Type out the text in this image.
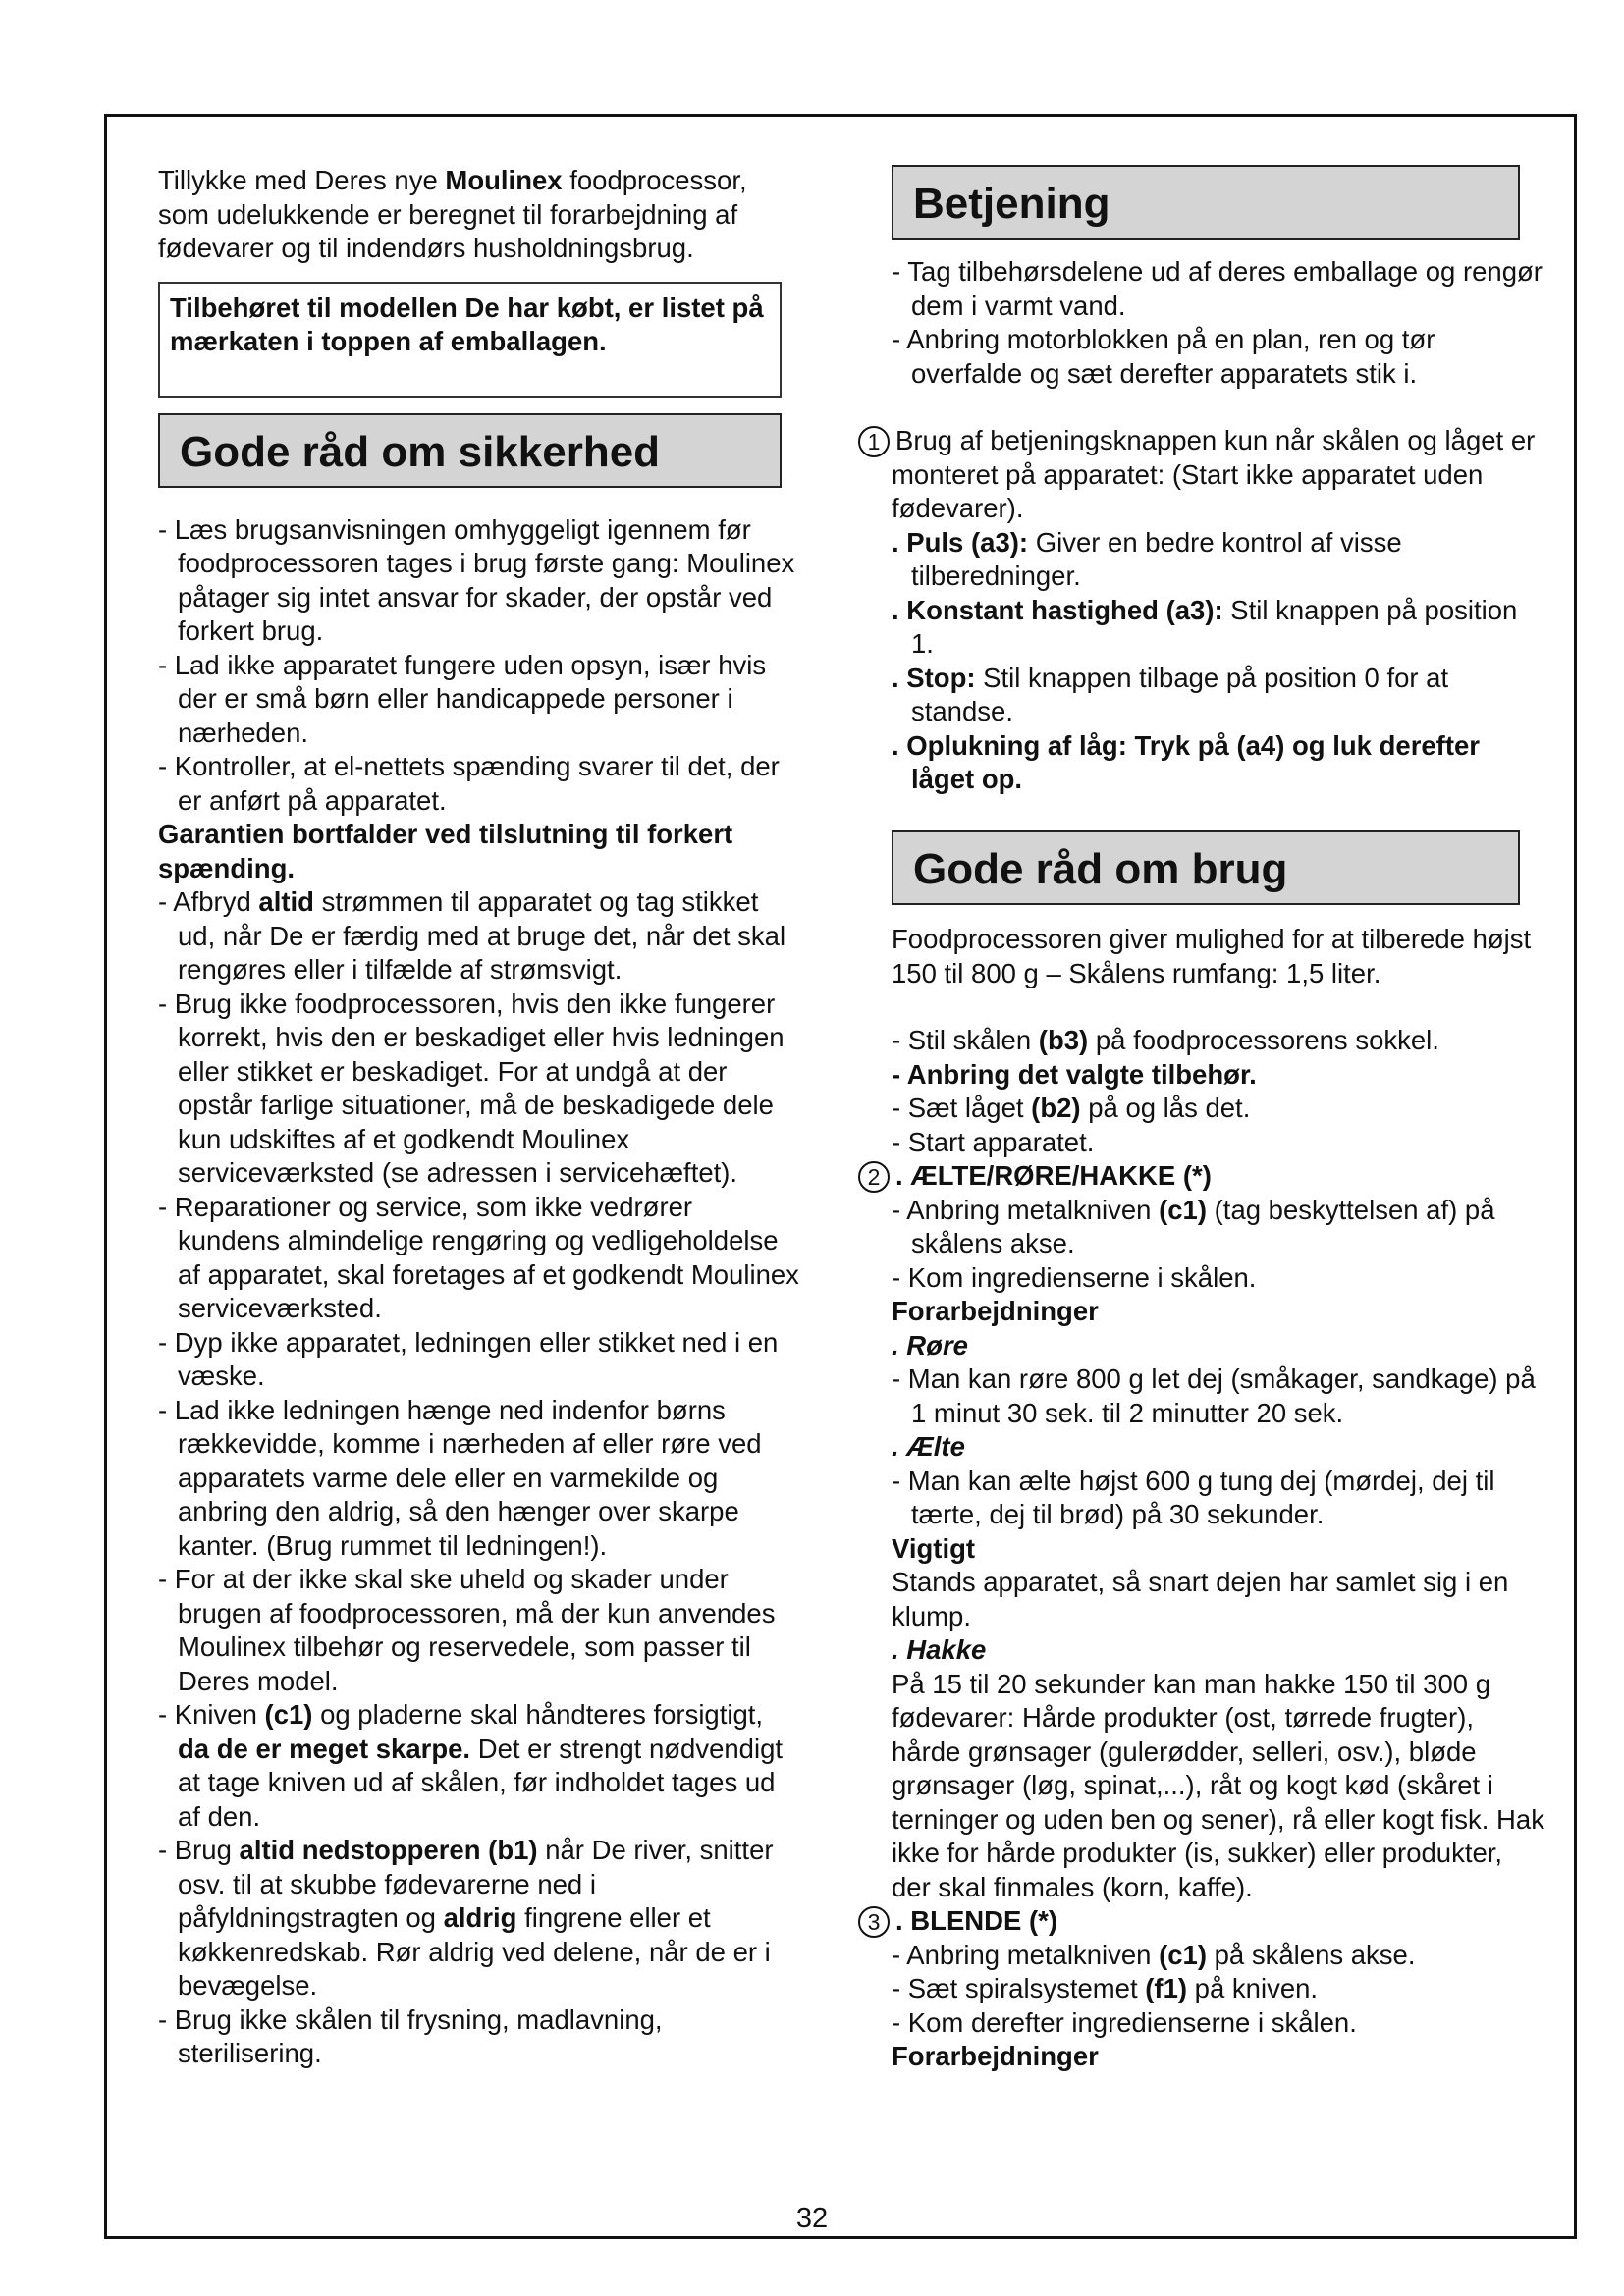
Tillykke med Deres nye Moulinex foodprocessor, som udelukkende er beregnet til forarbejdning af fødevarer og til indendørs husholdningsbrug.

Tilbehøret til modellen De har købt, er listet på mærkaten i toppen af emballagen.
Gode råd om sikkerhed

- Læs brugsanvisningen omhyggeligt igennem før foodprocessoren tages i brug første gang: Moulinex påtager sig intet ansvar for skader, der opstår ved forkert brug.

- Lad ikke apparatet fungere uden opsyn, især hvis der er små børn eller handicappede personer i nærheden.

- Kontroller, at el-nettets spænding svarer til det, der er anført på apparatet.

Garantien bortfalder ved tilslutning til forkert spænding.

- Afbryd altid strømmen til apparatet og tag stikket ud, når De er færdig med at bruge det, når det skal rengøres eller i tilfælde af strømsvigt.

- Brug ikke foodprocessoren, hvis den ikke fungerer korrekt, hvis den er beskadiget eller hvis ledningen eller stikket er beskadiget. For at undgå at der opstår farlige situationer, må de beskadigede dele kun udskiftes af et godkendt Moulinex serviceværksted (se adressen i servicehæftet).

- Reparationer og service, som ikke vedrører kundens almindelige rengøring og vedligeholdelse af apparatet, skal foretages af et godkendt Moulinex serviceværksted.

- Dyp ikke apparatet, ledningen eller stikket ned i en væske.

- Lad ikke ledningen hænge ned indenfor børns rækkevidde, komme i nærheden af eller røre ved apparatets varme dele eller en varmekilde og anbring den aldrig, så den hænger over skarpe kanter. (Brug rummet til ledningen!).

- For at der ikke skal ske uheld og skader under brugen af foodprocessoren, må der kun anvendes Moulinex tilbehør og reservedele, som passer til Deres model.

- Kniven (c1) og pladerne skal håndteres forsigtigt, da de er meget skarpe. Det er strengt nødvendigt at tage kniven ud af skålen, før indholdet tages ud af den.

- Brug altid nedstopperen (b1) når De river, snitter osv. til at skubbe fødevarerne ned i påfyldningstragten og aldrig fingrene eller et køkkenredskab. Rør aldrig ved delene, når de er i bevægelse.

- Brug ikke skålen til frysning, madlavning, sterilisering.

Betjening
Gode råd om brug

- Tag tilbehørsdelene ud af deres emballage og rengør dem i varmt vand.

- Anbring motorblokken på en plan, ren og tør overfalde og sæt derefter apparatets stik i.

1 Brug af betjeningsknappen kun når skålen og låget er monteret på apparatet: (Start ikke apparatet uden fødevarer).

. Puls (a3): Giver en bedre kontrol af visse tilberedninger.

. Konstant hastighed (a3): Stil knappen på position 1.

. Stop: Stil knappen tilbage på position 0 for at standse.

. Oplukning af låg: Tryk på (a4) og luk derefter låget op.

Foodprocessoren giver mulighed for at tilberede højst 150 til 800 g – Skålens rumfang: 1,5 liter.

- Stil skålen (b3) på foodprocessorens sokkel.

- Anbring det valgte tilbehør.

- Sæt låget (b2) på og lås det.

- Start apparatet.

2 . ÆLTE/RØRE/HAKKE (*)

- Anbring metalkniven (c1) (tag beskyttelsen af) på skålens akse.

- Kom ingredienserne i skålen.

Forarbejdninger

. Røre

- Man kan røre 800 g let dej (småkager, sandkage) på 1 minut 30 sek. til 2 minutter 20 sek.

. Ælte

- Man kan ælte højst 600 g tung dej (mørdej, dej til tærte, dej til brød) på 30 sekunder.

Vigtigt

Stands apparatet, så snart dejen har samlet sig i en klump.

. Hakke

På 15 til 20 sekunder kan man hakke 150 til 300 g fødevarer: Hårde produkter (ost, tørrede frugter), hårde grønsager (gulerødder, selleri, osv.), bløde grønsager (løg, spinat,...), råt og kogt kød (skåret i terninger og uden ben og sener), rå eller kogt fisk. Hak ikke for hårde produkter (is, sukker) eller produkter, der skal finmales (korn, kaffe).

3 . BLENDE (*)

- Anbring metalkniven (c1) på skålens akse.

- Sæt spiralsystemet (f1) på kniven.

- Kom derefter ingredienserne i skålen.

Forarbejdninger

32
